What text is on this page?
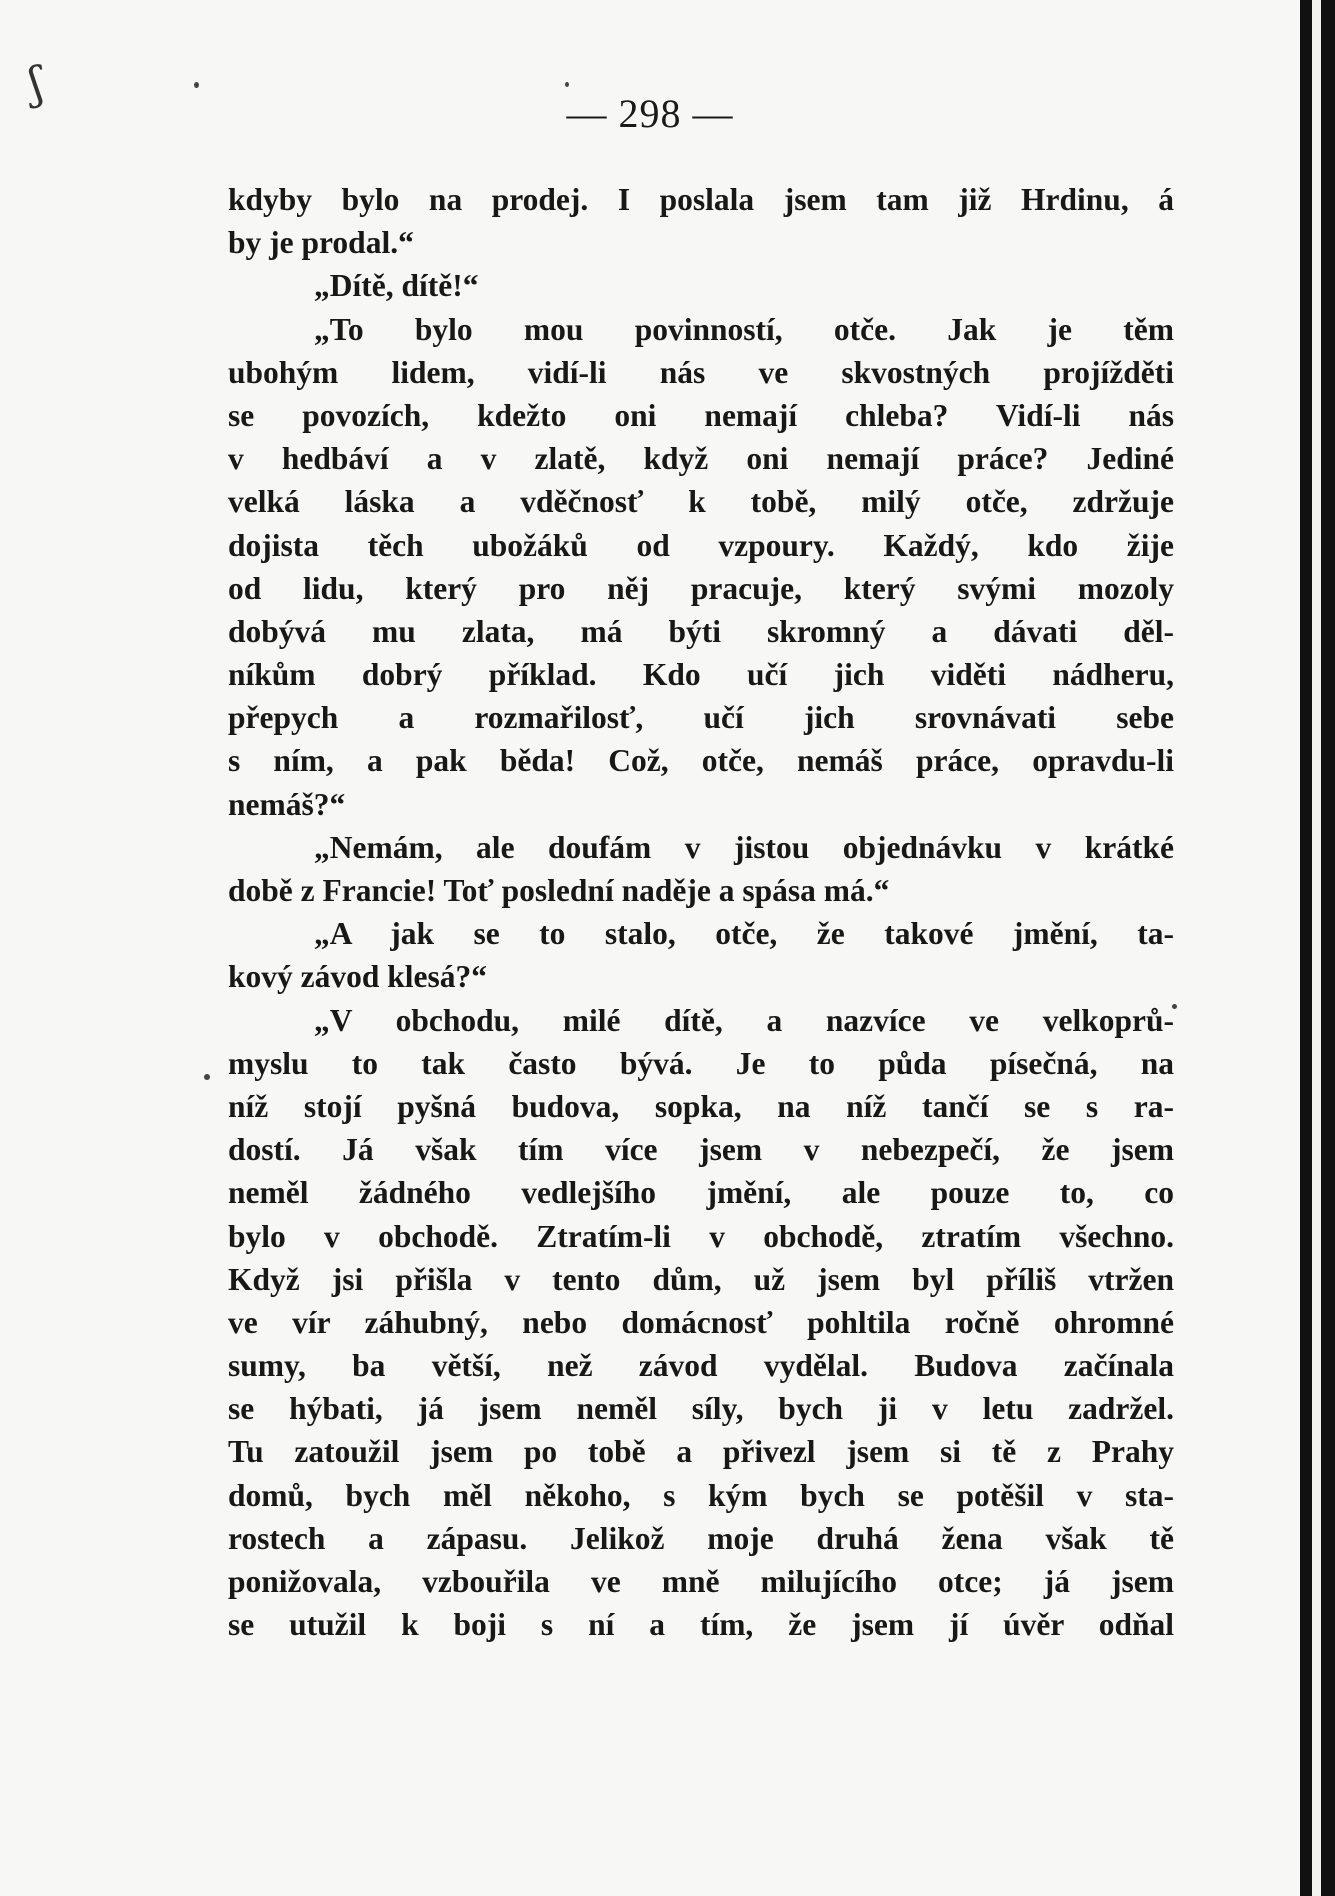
ʃ
— 298 —
kdyby bylo na prodej. I poslala jsem tam již Hrdinu, á
by je prodal.“
„Dítě, dítě!“
„To bylo mou povinností, otče. Jak je těm
ubohým lidem, vidí-li nás ve skvostných projížděti
se povozích, kdežto oni nemají chleba? Vidí-li nás
v hedbáví a v zlatě, když oni nemají práce? Jediné
velká láska a vděčnosť k tobě, milý otče, zdržuje
dojista těch ubožáků od vzpoury. Každý, kdo žije
od lidu, který pro něj pracuje, který svými mozoly
dobývá mu zlata, má býti skromný a dávati děl-
níkům dobrý příklad. Kdo učí jich viděti nádheru,
přepych a rozmařilosť, učí jich srovnávati sebe
s ním, a pak běda! Což, otče, nemáš práce, opravdu-li
nemáš?“
„Nemám, ale doufám v jistou objednávku v krátké
době z Francie! Toť poslední naděje a spása má.“
„A jak se to stalo, otče, že takové jmění, ta-
kový závod klesá?“
„V obchodu, milé dítě, a nazvíce ve velkoprů-
myslu to tak často bývá. Je to půda písečná, na
níž stojí pyšná budova, sopka, na níž tančí se s ra-
dostí. Já však tím více jsem v nebezpečí, že jsem
neměl žádného vedlejšího jmění, ale pouze to, co
bylo v obchodě. Ztratím-li v obchodě, ztratím všechno.
Když jsi přišla v tento dům, už jsem byl příliš vtržen
ve vír záhubný, nebo domácnosť pohltila ročně ohromné
sumy, ba větší, než závod vydělal. Budova začínala
se hýbati, já jsem neměl síly, bych ji v letu zadržel.
Tu zatoužil jsem po tobě a přivezl jsem si tě z Prahy
domů, bych měl někoho, s kým bych se potěšil v sta-
rostech a zápasu. Jelikož moje druhá žena však tě
ponižovala, vzbouřila ve mně milujícího otce; já jsem
se utužil k boji s ní a tím, že jsem jí úvěr odňal
